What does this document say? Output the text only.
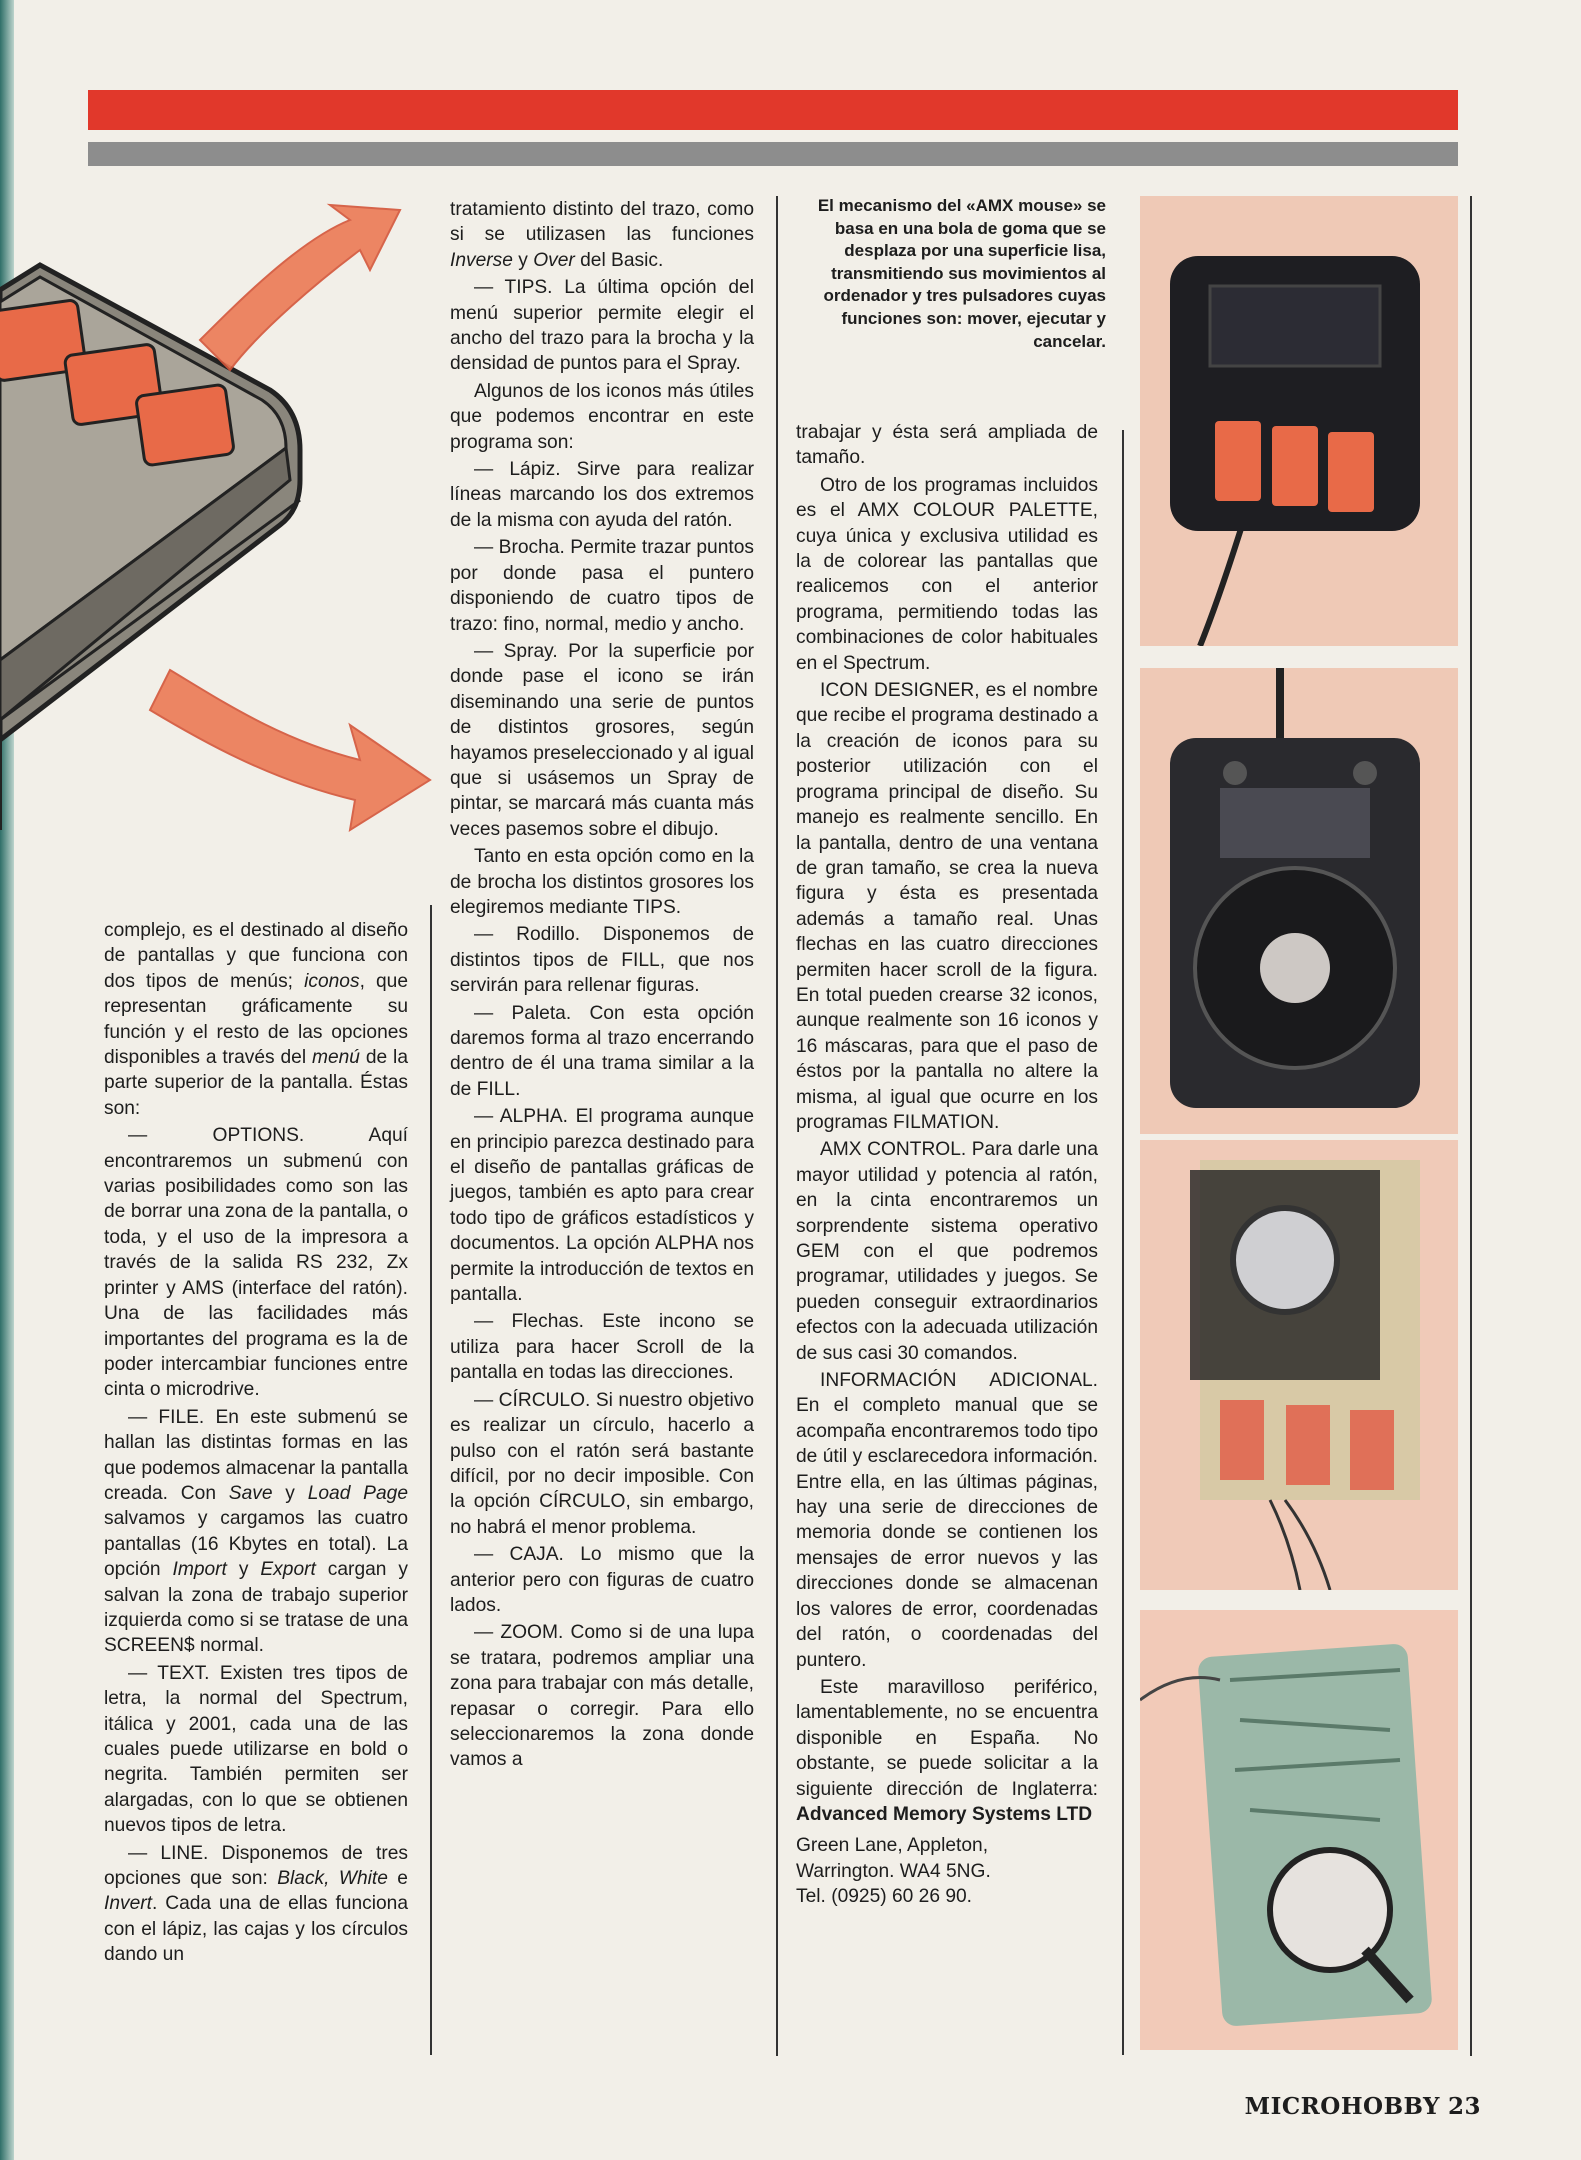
complejo, es el destinado al diseño de pantallas y que funciona con dos tipos de menús; iconos, que representan gráficamente su función y el resto de las opciones disponibles a través del menú de la parte superior de la pantalla. Éstas son:

— OPTIONS. Aquí encontraremos un submenú con varias posibilidades como son las de borrar una zona de la pantalla, o toda, y el uso de la impresora a través de la salida RS 232, Zx printer y AMS (interface del ratón). Una de las facilidades más importantes del programa es la de poder intercambiar funciones entre cinta o microdrive.

— FILE. En este submenú se hallan las distintas formas en las que podemos almacenar la pantalla creada. Con Save y Load Page salvamos y cargamos las cuatro pantallas (16 Kbytes en total). La opción Import y Export cargan y salvan la zona de trabajo superior izquierda como si se tratase de una SCREEN$ normal.

— TEXT. Existen tres tipos de letra, la normal del Spectrum, itálica y 2001, cada una de las cuales puede utilizarse en bold o negrita. También permiten ser alargadas, con lo que se obtienen nuevos tipos de letra.

— LINE. Disponemos de tres opciones que son: Black, White e Invert. Cada una de ellas funciona con el lápiz, las cajas y los círculos dando un

tratamiento distinto del trazo, como si se utilizasen las funciones Inverse y Over del Basic.

— TIPS. La última opción del menú superior permite elegir el ancho del trazo para la brocha y la densidad de puntos para el Spray.

Algunos de los iconos más útiles que podemos encontrar en este programa son:

— Lápiz. Sirve para realizar líneas marcando los dos extremos de la misma con ayuda del ratón.

— Brocha. Permite trazar puntos por donde pasa el puntero disponiendo de cuatro tipos de trazo: fino, normal, medio y ancho.

— Spray. Por la superficie por donde pase el icono se irán diseminando una serie de puntos de distintos grosores, según hayamos preseleccionado y al igual que si usásemos un Spray de pintar, se marcará más cuanta más veces pasemos sobre el dibujo.

Tanto en esta opción como en la de brocha los distintos grosores los elegiremos mediante TIPS.

— Rodillo. Disponemos de distintos tipos de FILL, que nos servirán para rellenar figuras.

— Paleta. Con esta opción daremos forma al trazo encerrando dentro de él una trama similar a la de FILL.

— ALPHA. El programa aunque en principio parezca destinado para el diseño de pantallas gráficas de juegos, también es apto para crear todo tipo de gráficos estadísticos y documentos. La opción ALPHA nos permite la introducción de textos en pantalla.

— Flechas. Este incono se utiliza para hacer Scroll de la pantalla en todas las direcciones.

— CÍRCULO. Si nuestro objetivo es realizar un círculo, hacerlo a pulso con el ratón será bastante difícil, por no decir imposible. Con la opción CÍRCULO, sin embargo, no habrá el menor problema.

— CAJA. Lo mismo que la anterior pero con figuras de cuatro lados.

— ZOOM. Como si de una lupa se tratara, podremos ampliar una zona para trabajar con más detalle, repasar o corregir. Para ello seleccionaremos la zona donde vamos a

El mecanismo del «AMX mouse» se basa en una bola de goma que se desplaza por una superficie lisa, transmitiendo sus movimientos al ordenador y tres pulsadores cuyas funciones son: mover, ejecutar y cancelar.

trabajar y ésta será ampliada de tamaño.

Otro de los programas incluidos es el AMX COLOUR PALETTE, cuya única y exclusiva utilidad es la de colorear las pantallas que realicemos con el anterior programa, permitiendo todas las combinaciones de color habituales en el Spectrum.

ICON DESIGNER, es el nombre que recibe el programa destinado a la creación de iconos para su posterior utilización con el programa principal de diseño. Su manejo es realmente sencillo. En la pantalla, dentro de una ventana de gran tamaño, se crea la nueva figura y ésta es presentada además a tamaño real. Unas flechas en las cuatro direcciones permiten hacer scroll de la figura. En total pueden crearse 32 iconos, aunque realmente son 16 iconos y 16 máscaras, para que el paso de éstos por la pantalla no altere la misma, al igual que ocurre en los programas FILMATION.

AMX CONTROL. Para darle una mayor utilidad y potencia al ratón, en la cinta encontraremos un sorprendente sistema operativo GEM con el que podremos programar, utilidades y juegos. Se pueden conseguir extraordinarios efectos con la adecuada utilización de sus casi 30 comandos.

INFORMACIÓN ADICIONAL. En el completo manual que se acompaña encontraremos todo tipo de útil y esclarecedora información. Entre ella, en las últimas páginas, hay una serie de direcciones de memoria donde se contienen los mensajes de error nuevos y las direcciones donde se almacenan los valores de error, coordenadas del ratón, o coordenadas del puntero.

Este maravilloso periférico, lamentablemente, no se encuentra disponible en España. No obstante, se puede solicitar a la siguiente dirección de Inglaterra: Advanced Memory Systems LTD

Green Lane, Appleton,

Warrington. WA4 5NG.

Tel. (0925) 60 26 90.

MICROHOBBY 23
